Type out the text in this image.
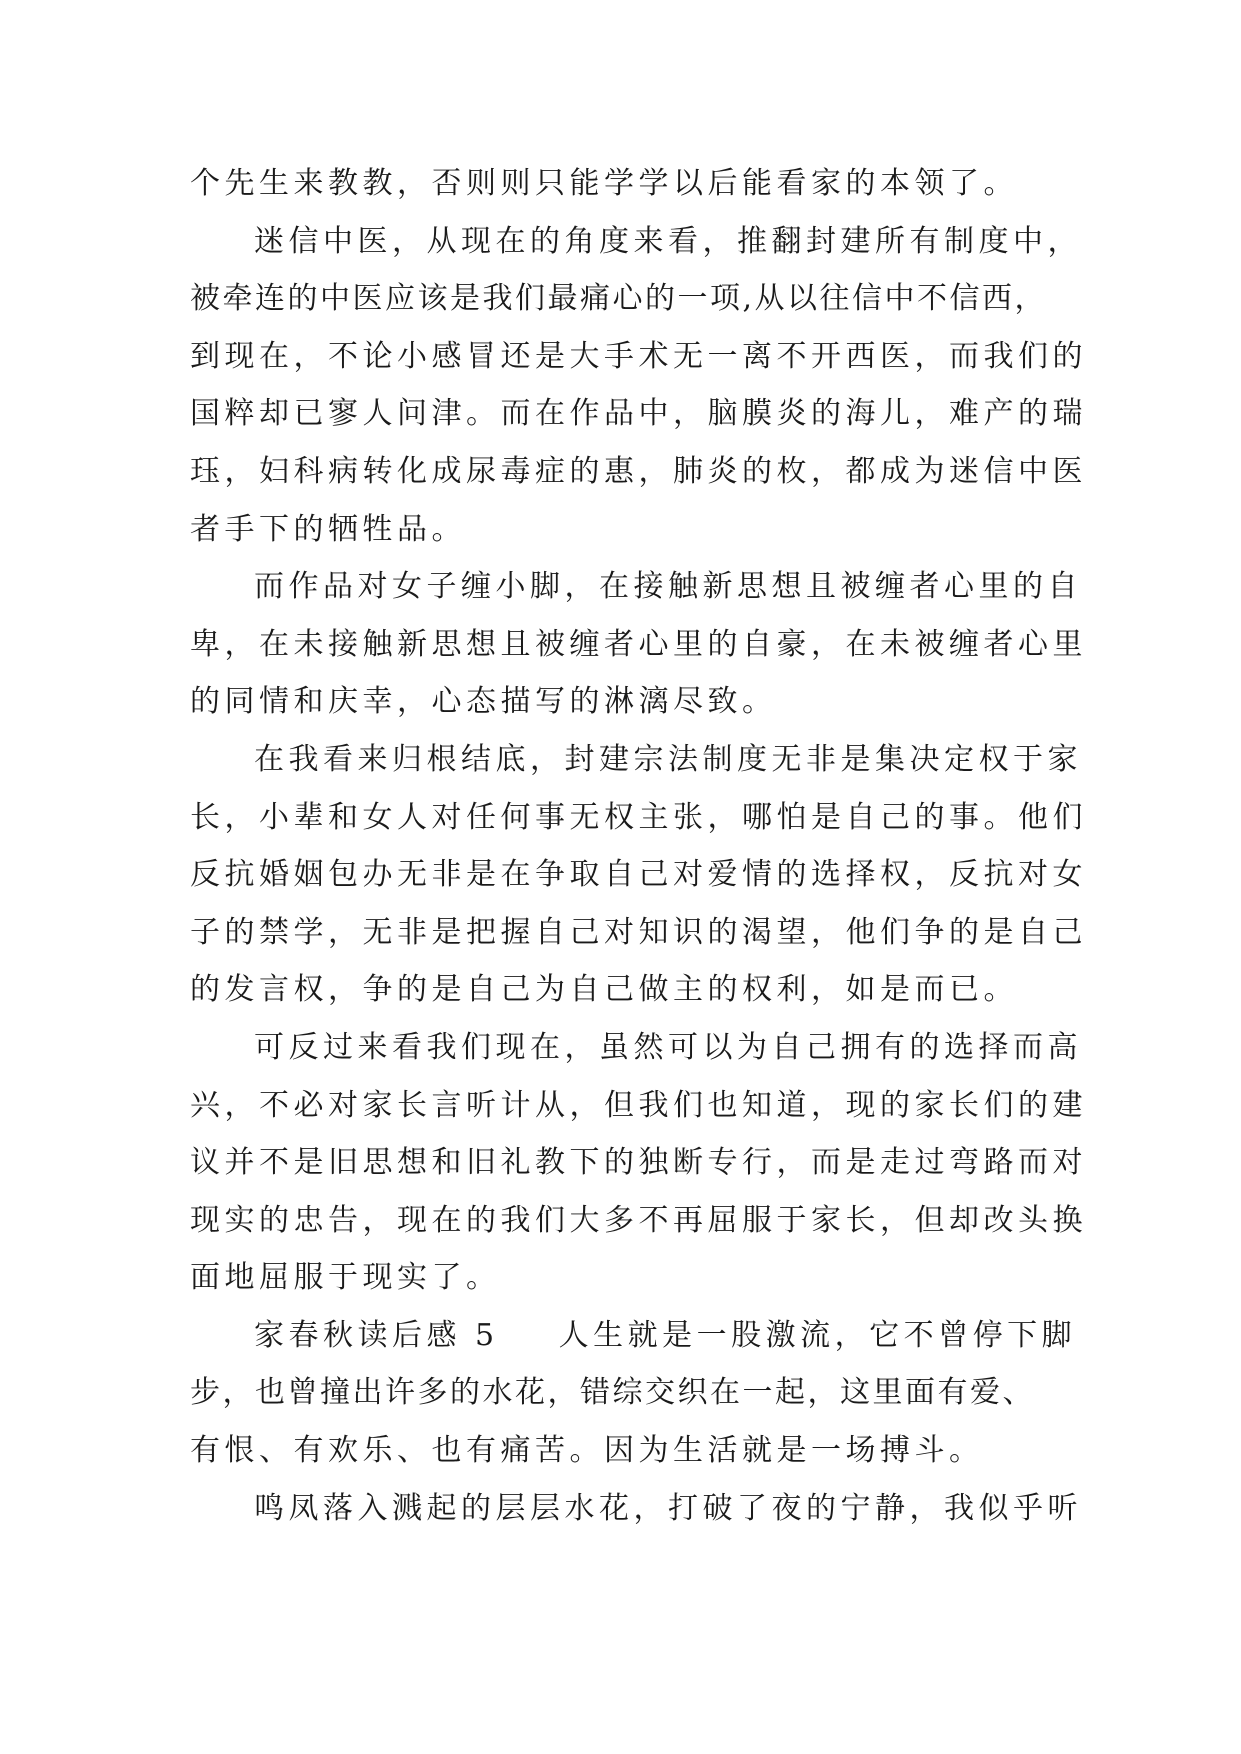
个先生来教教，否则则只能学学以后能看家的本领了。
迷信中医，从现在的角度来看，推翻封建所有制度中，
被牵连的中医应该是我们最痛心的一项,从以往信中不信西，
到现在，不论小感冒还是大手术无一离不开西医，而我们的
国粹却已寥人问津。而在作品中，脑膜炎的海儿，难产的瑞
珏，妇科病转化成尿毒症的惠，肺炎的枚，都成为迷信中医
者手下的牺牲品。
而作品对女子缠小脚，在接触新思想且被缠者心里的自
卑，在未接触新思想且被缠者心里的自豪，在未被缠者心里
的同情和庆幸，心态描写的淋漓尽致。
在我看来归根结底，封建宗法制度无非是集决定权于家
长，小辈和女人对任何事无权主张，哪怕是自己的事。他们
反抗婚姻包办无非是在争取自己对爱情的选择权，反抗对女
子的禁学，无非是把握自己对知识的渴望，他们争的是自己
的发言权，争的是自己为自己做主的权利，如是而已。
可反过来看我们现在，虽然可以为自己拥有的选择而高
兴，不必对家长言听计从，但我们也知道，现的家长们的建
议并不是旧思想和旧礼教下的独断专行，而是走过弯路而对
现实的忠告，现在的我们大多不再屈服于家长，但却改头换
面地屈服于现实了。
家春秋读后感 5 人生就是一股激流，它不曾停下脚
步，也曾撞出许多的水花，错综交织在一起，这里面有爱、
有恨、有欢乐、也有痛苦。因为生活就是一场搏斗。
鸣凤落入溅起的层层水花，打破了夜的宁静，我似乎听
